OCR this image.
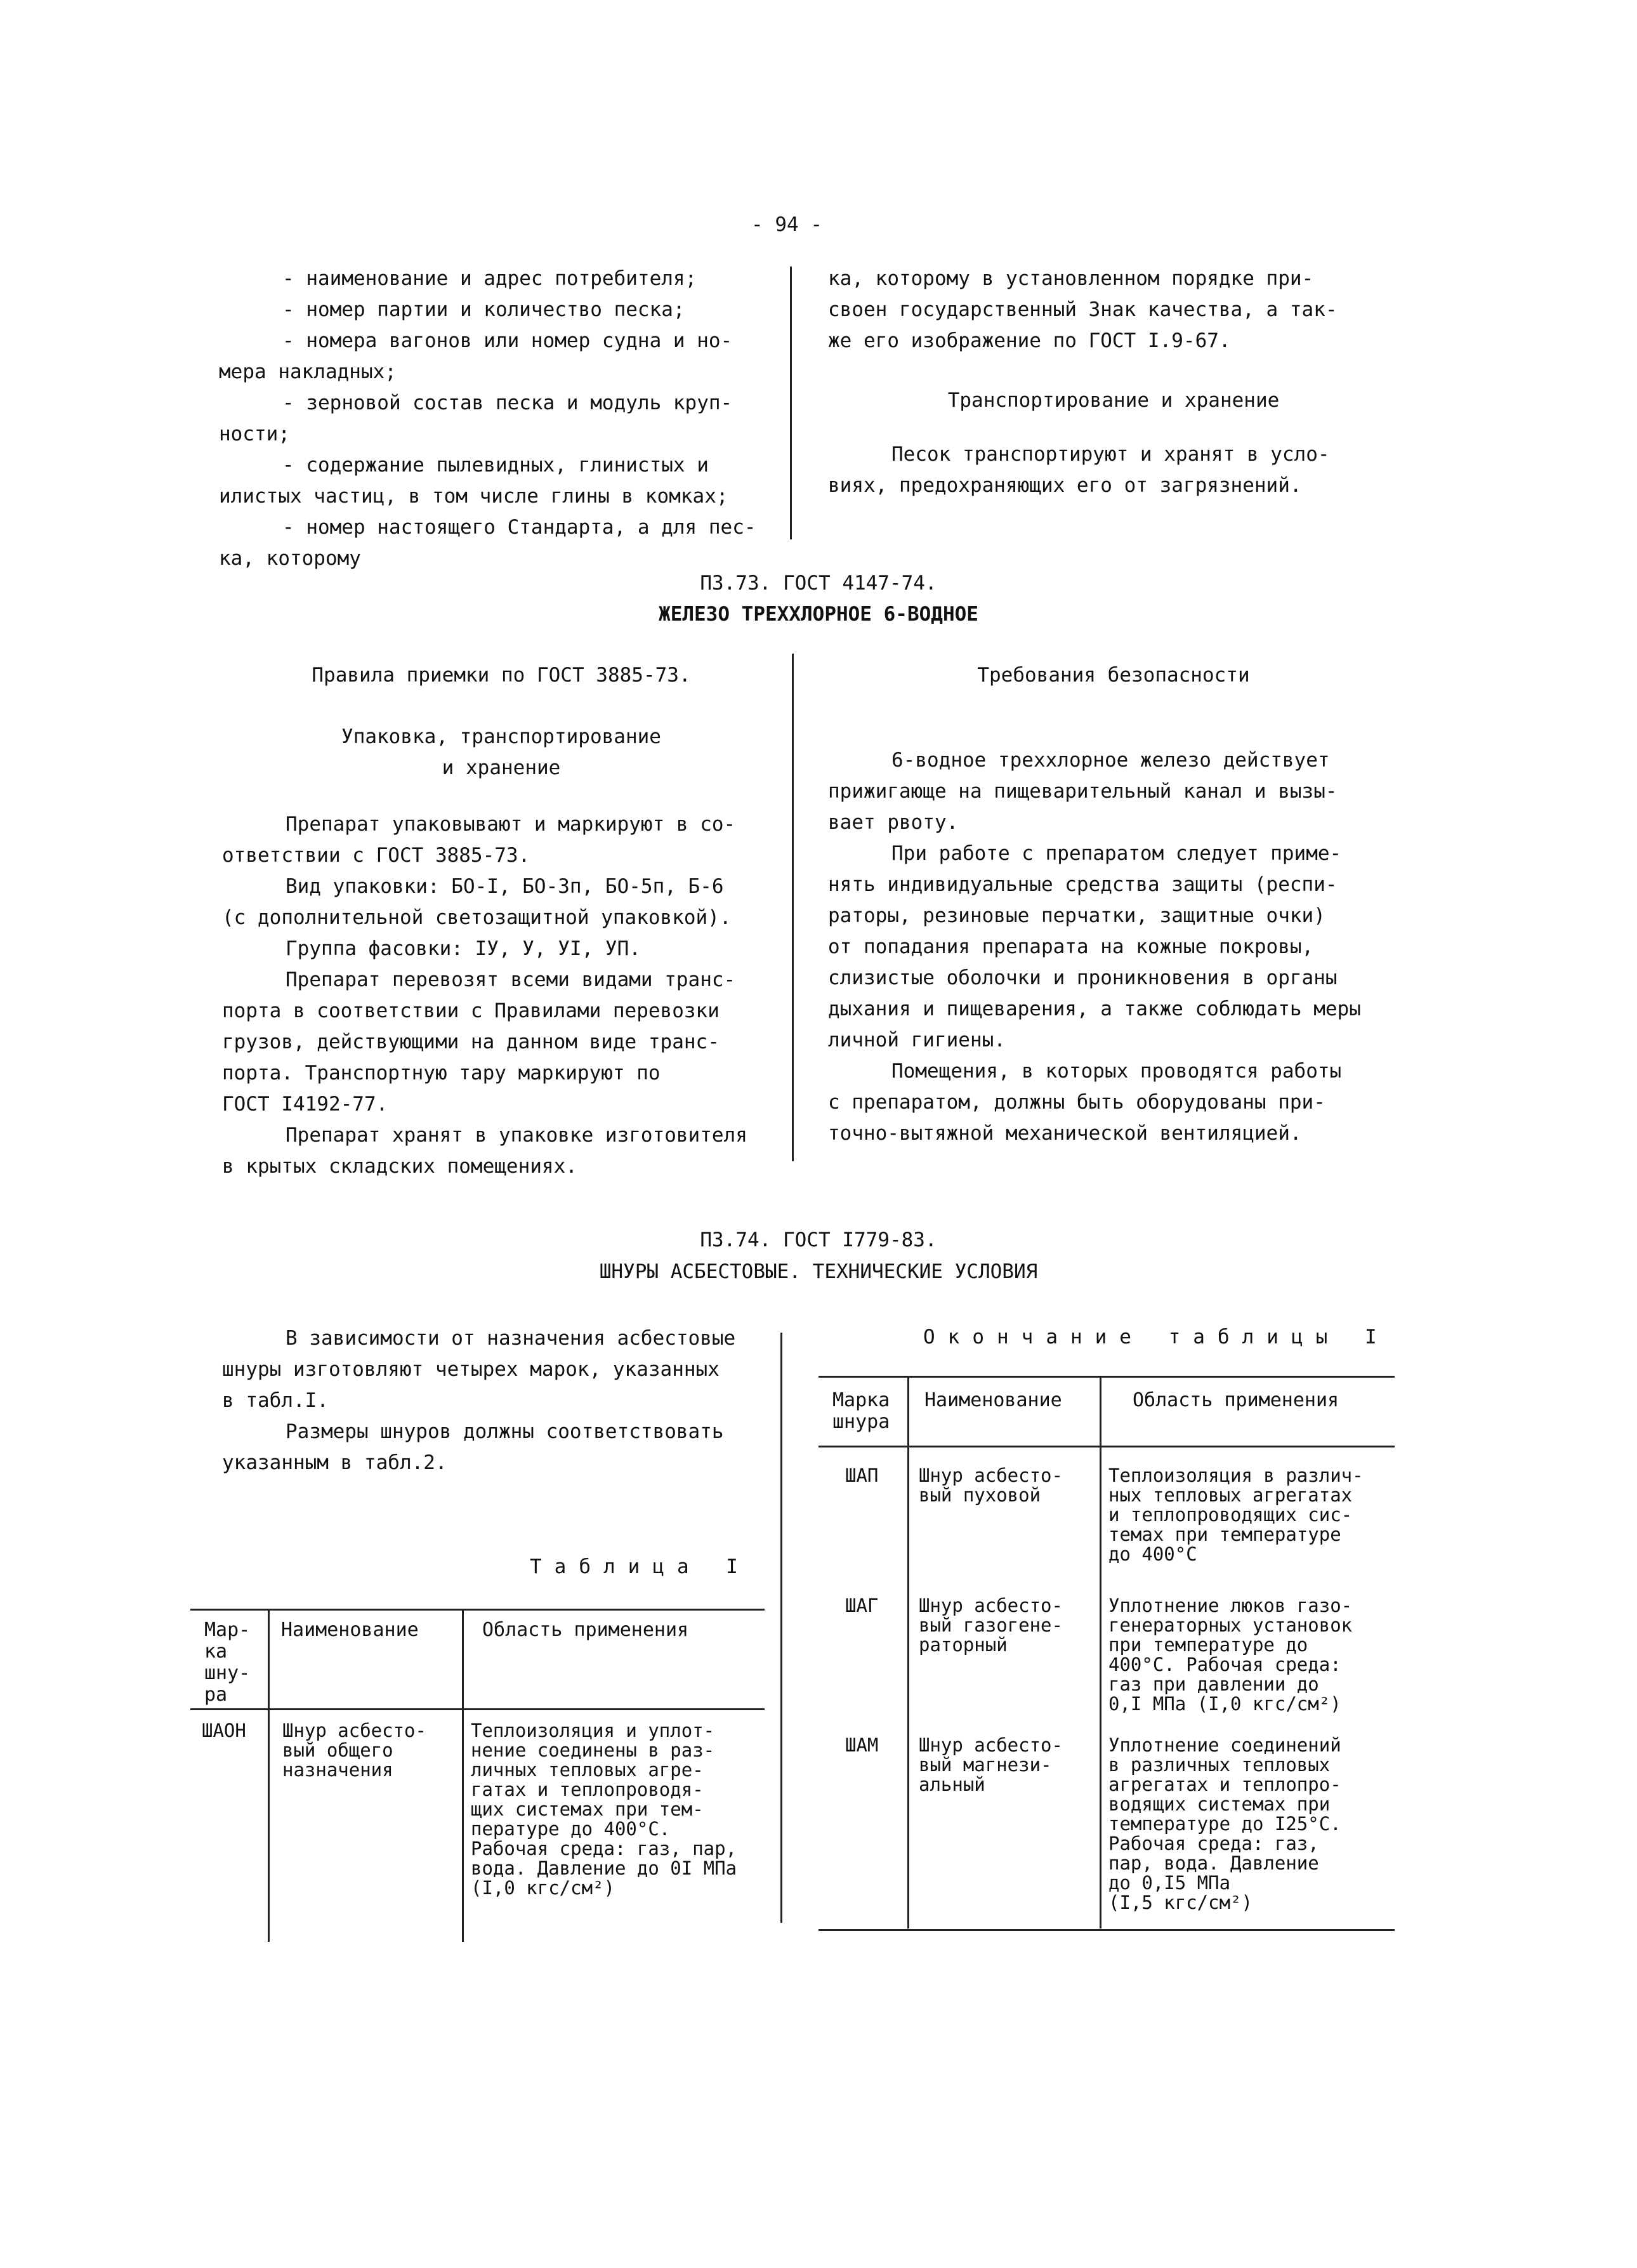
- 94 -
- наименование и адрес потребителя;
- номер партии и количество песка;
- номера вагонов или номер судна и но-
мера накладных;
- зерновой состав песка и модуль круп-
ности;
- содержание пылевидных, глинистых и
илистых частиц, в том числе глины в комках;
- номер настоящего Стандарта, а для пес-
ка, которому
ка, которому в установленном порядке при-
своен государственный Знак качества, а так-
же его изображение по ГОСТ I.9-67.
Транспортирование и хранение
Песок транспортируют и хранят в усло-
виях, предохраняющих его от загрязнений.
П3.73. ГОСТ 4147-74.
ЖЕЛЕЗО ТРЕХХЛОРНОЕ 6-ВОДНОЕ
Правила приемки по ГОСТ 3885-73.
Упаковка, транспортирование
и хранение
Препарат упаковывают и маркируют в со-
ответствии с ГОСТ 3885-73.
Вид упаковки: БО-I, БО-3п, БО-5п, Б-6
(с дополнительной светозащитной упаковкой).
Группа фасовки: IУ, У, УI, УП.
Препарат перевозят всеми видами транс-
порта в соответствии с Правилами перевозки
грузов, действующими на данном виде транс-
порта. Транспортную тару маркируют по
ГОСТ I4192-77.
Препарат хранят в упаковке изготовителя
в крытых складских помещениях.
Требования безопасности
6-водное треххлорное железо действует
прижигающе на пищеварительный канал и вызы-
вает рвоту.
При работе с препаратом следует приме-
нять индивидуальные средства защиты (респи-
раторы, резиновые перчатки, защитные очки)
от попадания препарата на кожные покровы,
слизистые оболочки и проникновения в органы
дыхания и пищеварения, а также соблюдать меры
личной гигиены.
Помещения, в которых проводятся работы
с препаратом, должны быть оборудованы при-
точно-вытяжной механической вентиляцией.
П3.74. ГОСТ I779-83.
ШНУРЫ АСБЕСТОВЫЕ. ТЕХНИЧЕСКИЕ УСЛОВИЯ
В зависимости от назначения асбестовые
шнуры изготовляют четырех марок, указанных
в табл.I.
Размеры шнуров должны соответствовать
указанным в табл.2.
Таблица I
Мар-
ка
шну-
ра
Наименование	Область применения
ШАОН Шнур асбесто-
вый общего
назначения
Теплоизоляция и уплот-
нение соединены в раз-
личных тепловых агре-
гатах и теплопроводя-
щих системах при тем-
пературе до 400°С.
Рабочая среда: газ, пар,
вода. Давление до 0I МПа
(I,0 кгс/см²)
Окончание таблицы I
Марка
шнура
Наименование	Область применения
ШАП Шнур асбесто-
вый пуховой
Теплоизоляция в различ-
ных тепловых агрегатах
и теплопроводящих сис-
темах при температуре
до 400°С
ШАГ Шнур асбесто-
вый газогене-
раторный
Уплотнение люков газо-
генераторных установок
при температуре до
400°С. Рабочая среда:
газ при давлении до
0,I МПа (I,0 кгс/см²)
ШАМ Шнур асбесто-
вый магнези-
альный
Уплотнение соединений
в различных тепловых
агрегатах и теплопро-
водящих системах при
температуре до I25°С.
Рабочая среда: газ,
пар, вода. Давление
до 0,I5 МПа
(I,5 кгс/см²)
